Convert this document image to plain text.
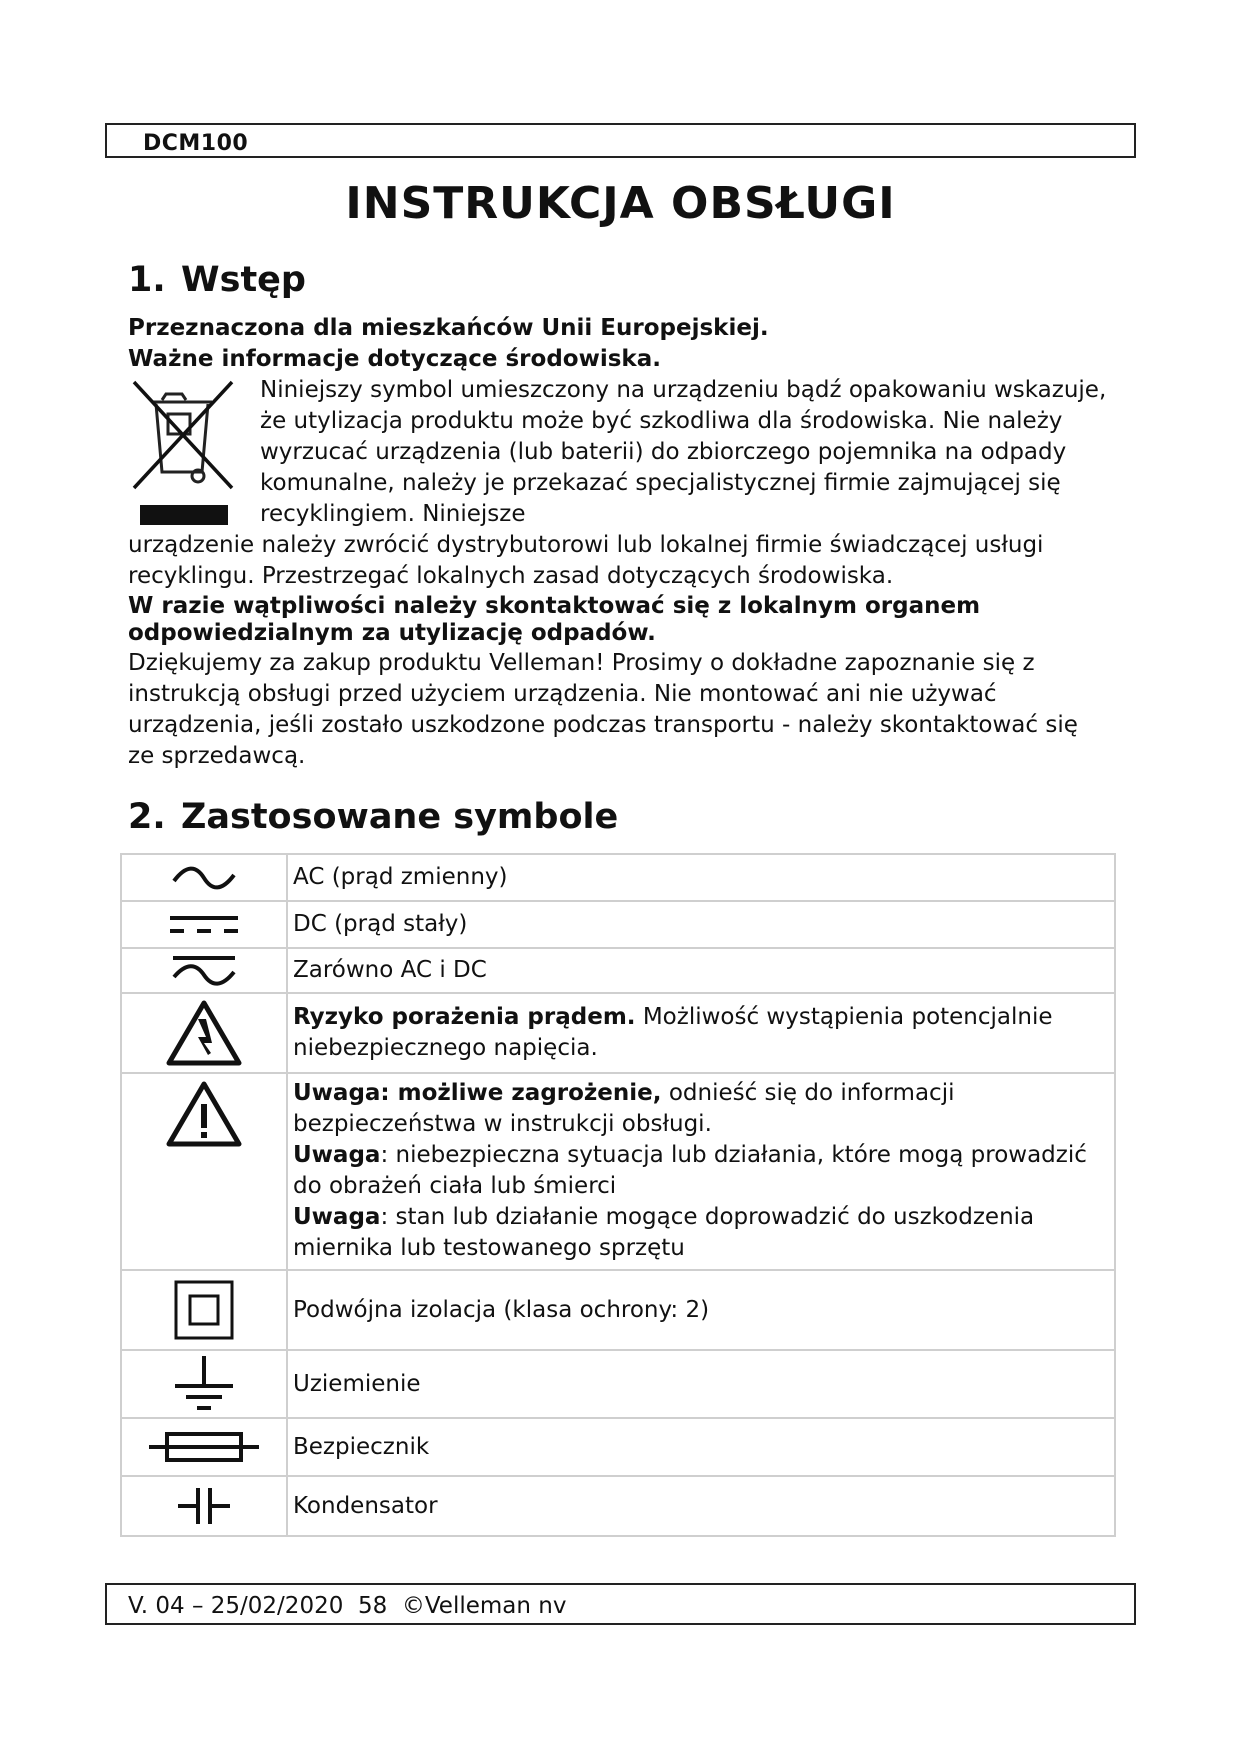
DCM100
INSTRUKCJA OBSŁUGI
1. Wstęp

Przeznaczona dla mieszkańców Unii Europejskiej.

Ważne informacje dotyczące środowiska.

Niniejszy symbol umieszczony na urządzeniu bądź opakowaniu wskazuje, że utylizacja produktu może być szkodliwa dla środowiska. Nie należy wyrzucać urządzenia (lub baterii) do zbiorczego pojemnika na odpady komunalne, należy je przekazać specjalistycznej firmie zajmującej się recyklingiem. Niniejsze

urządzenie należy zwrócić dystrybutorowi lub lokalnej firmie świadczącej usługi recyklingu. Przestrzegać lokalnych zasad dotyczących środowiska.

W razie wątpliwości należy skontaktować się z lokalnym organem odpowiedzialnym za utylizację odpadów.

Dziękujemy za zakup produktu Velleman! Prosimy o dokładne zapoznanie się z instrukcją obsługi przed użyciem urządzenia. Nie montować ani nie używać urządzenia, jeśli zostało uszkodzone podczas transportu - należy skontaktować się ze sprzedawcą.

2. Zastosowane symbole
	AC (prąd zmienny)

	DC (prąd stały)

	Zarówno AC i DC

	Ryzyko porażenia prądem. Możliwość wystąpienia potencjalnie niebezpiecznego napięcia.

	Uwaga: możliwe zagrożenie, odnieść się do informacji bezpieczeństwa w instrukcji obsługi.
Uwaga: niebezpieczna sytuacja lub działania, które mogą prowadzić do obrażeń ciała lub śmierci
Uwaga: stan lub działanie mogące doprowadzić do uszkodzenia miernika lub testowanego sprzętu

	Podwójna izolacja (klasa ochrony: 2)

	Uziemienie

	Bezpiecznik

	Kondensator
V. 04 – 25/02/2020  58  ©Velleman nv
